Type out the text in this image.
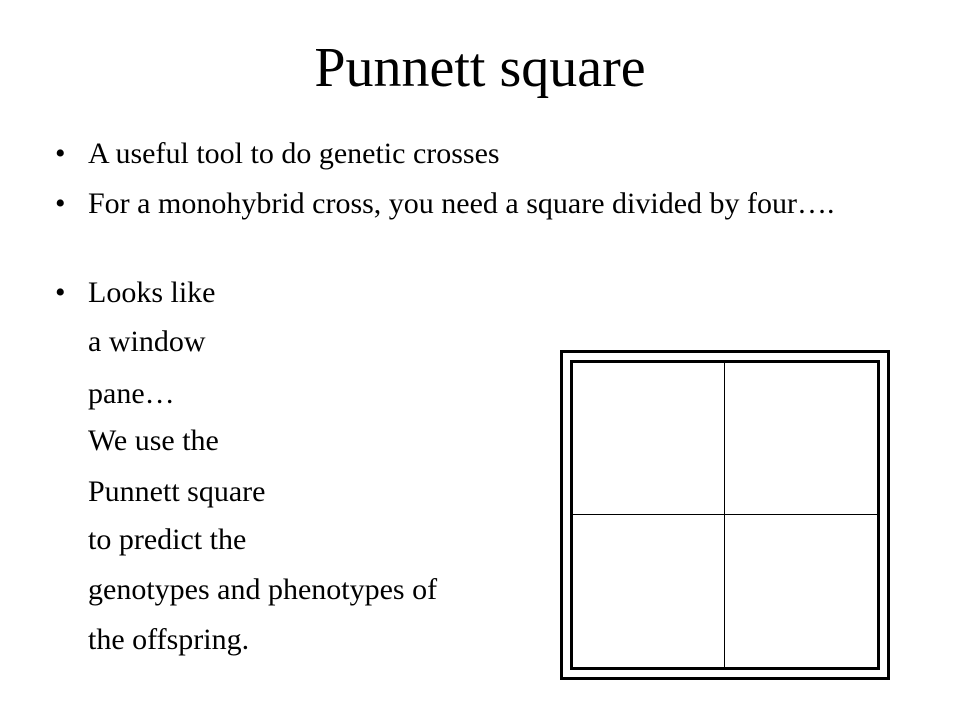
Punnett square
• A useful tool to do genetic crosses
• For a monohybrid cross, you need a square divided by four….
• Looks like
a window
pane…
We use the
Punnett square
to predict the
genotypes and phenotypes of
the offspring.
